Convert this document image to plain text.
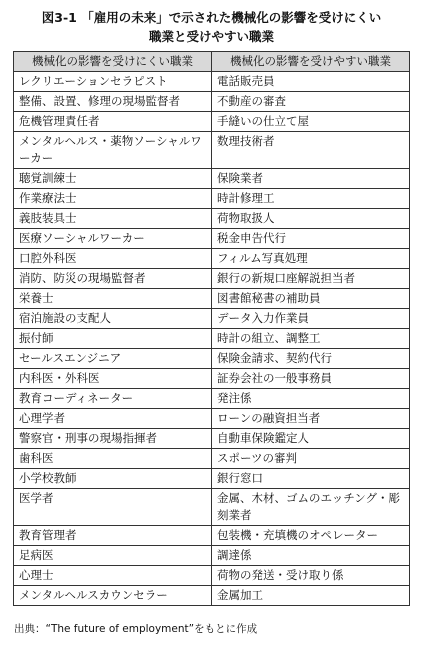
図3-1 「雇用の未来」で示された機械化の影響を受けにくい
職業と受けやすい職業
機械化の影響を受けにくい職業	機械化の影響を受けやすい職業
レクリエーションセラピスト	電話販売員
整備、設置、修理の現場監督者	不動産の審査
危機管理責任者	手縫いの仕立て屋
メンタルヘルス・薬物ソーシャルワーカー	数理技術者
聴覚訓練士	保険業者
作業療法士	時計修理工
義肢装具士	荷物取扱人
医療ソーシャルワーカー	税金申告代行
口腔外科医	フィルム写真処理
消防、防災の現場監督者	銀行の新規口座解説担当者
栄養士	図書館秘書の補助員
宿泊施設の支配人	データ入力作業員
振付師	時計の組立、調整工
セールスエンジニア	保険金請求、契約代行
内科医・外科医	証券会社の一般事務員
教育コーディネーター	発注係
心理学者	ローンの融資担当者
警察官・刑事の現場指揮者	自動車保険鑑定人
歯科医	スポーツの審判
小学校教師	銀行窓口
医学者	金属、木材、ゴムのエッチング・彫刻業者
教育管理者	包装機・充填機のオペレーター
足病医	調達係
心理士	荷物の発送・受け取り係
メンタルヘルスカウンセラー	金属加工
出典：“The future of employment”をもとに作成
